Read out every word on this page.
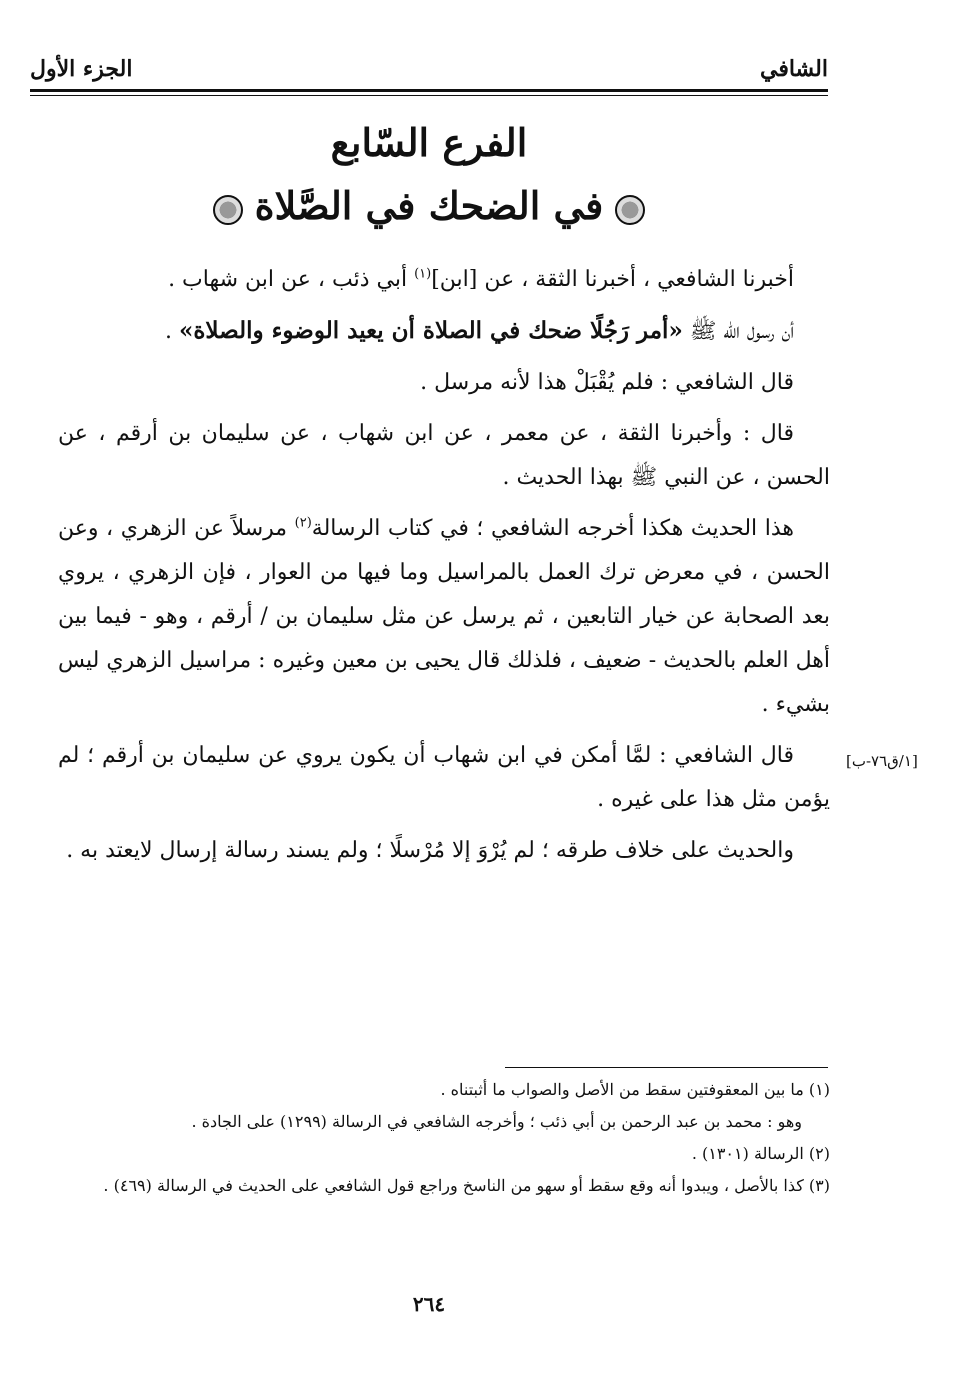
الشافي
الجزء الأول
الفرع السّابع
في الضحك في الصَّلاة

أخبرنا الشافعي ، أخبرنا الثقة ، عن [ابن]$^{(١)}$ أبي ذئب ، عن ابن شهاب .

أن رسول الله ﷺ «أمر رَجُلًا ضحك في الصلاة أن يعيد الوضوء والصلاة» .

قال الشافعي : فلم يُقْبَلْ هذا لأنه مرسل .

قال : وأخبرنا الثقة ، عن معمر ، عن ابن شهاب ، عن سليمان بن أرقم ، عن الحسن ، عن النبي ﷺ بهذا الحديث .

هذا الحديث هكذا أخرجه الشافعي ؛ في كتاب الرسالة$^{(٢)}$ مرسلاً عن الزهري ، وعن الحسن ، في معرض ترك العمل بالمراسيل وما فيها من العوار ، فإن الزهري ، يروي بعد الصحابة عن خيار التابعين ، ثم يرسل عن مثل سليمان بن / أرقم ، وهو - فيما بين أهل العلم بالحديث - ضعيف ، فلذلك قال يحيى بن معين وغيره : مراسيل الزهري ليس بشيء .

قال الشافعي : لمَّا أمكن في ابن شهاب أن يكون يروي عن سليمان بن أرقم ؛ لم يؤمن مثل هذا على غيره .

والحديث على خلاف طرقه ؛ لم يُرْوَ إلا مُرْسلًا ؛ ولم يسند رسالة إرسال لايعتد به .

[١/ق٧٦-ب]
(١) ما بين المعقوفتين سقط من الأصل والصواب ما أثبتناه .
وهو : محمد بن عبد الرحمن بن أبي ذئب ؛ وأخرجه الشافعي في الرسالة (١٢٩٩) على الجادة .
(٢) الرسالة (١٣٠١) .
(٣) كذا بالأصل ، ويبدوا أنه وقع سقط أو سهو من الناسخ وراجع قول الشافعي على الحديث في الرسالة (٤٦٩) .
٢٦٤
